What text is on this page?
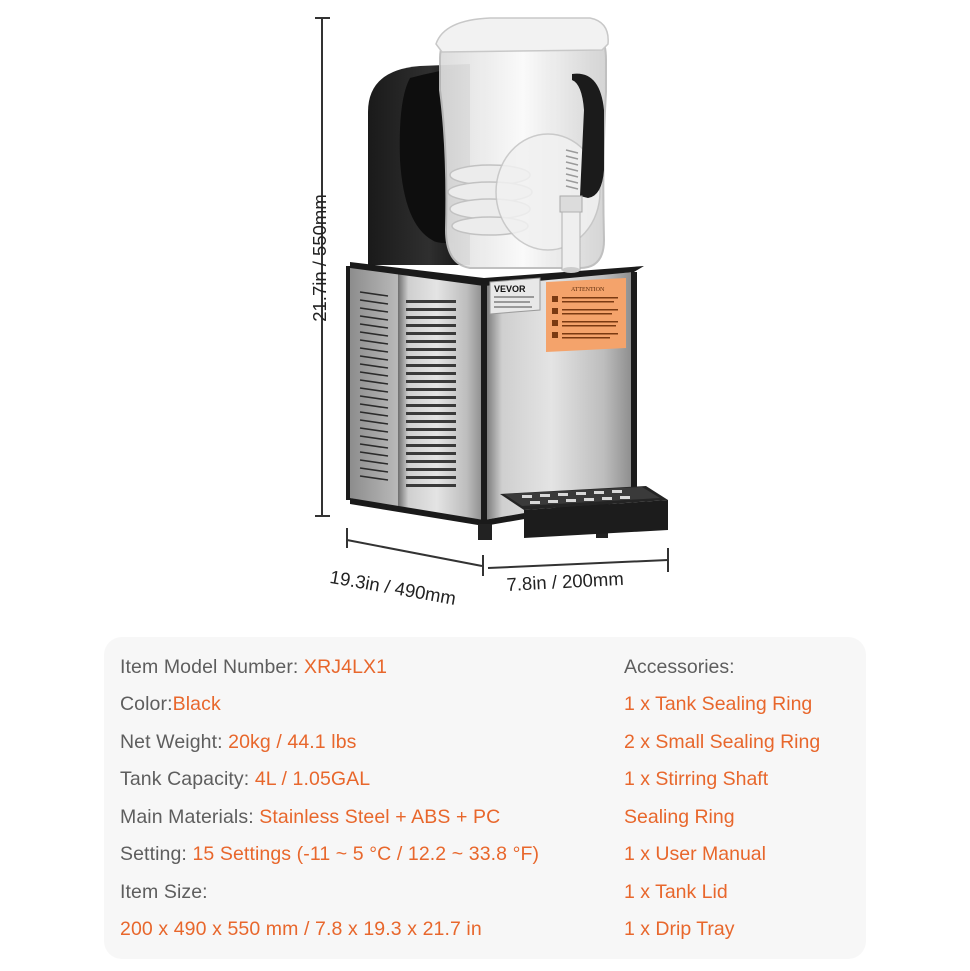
VEVOR	ATTENTION
21.7in / 550mm
19.3in / 490mm	7.8in / 200mm
Item Model Number: XRJ4LX1
Color:Black
Net Weight: 20kg / 44.1 lbs
Tank Capacity: 4L / 1.05GAL
Main Materials: Stainless Steel + ABS + PC
Setting: 15 Settings (-11 ~ 5 °C / 12.2 ~ 33.8 °F)
Item Size:
200 x 490 x 550 mm / 7.8 x 19.3 x 21.7 in
Accessories:
1 x Tank Sealing Ring
2 x Small Sealing Ring
1 x Stirring Shaft
Sealing Ring
1 x User Manual
1 x Tank Lid
1 x Drip Tray
